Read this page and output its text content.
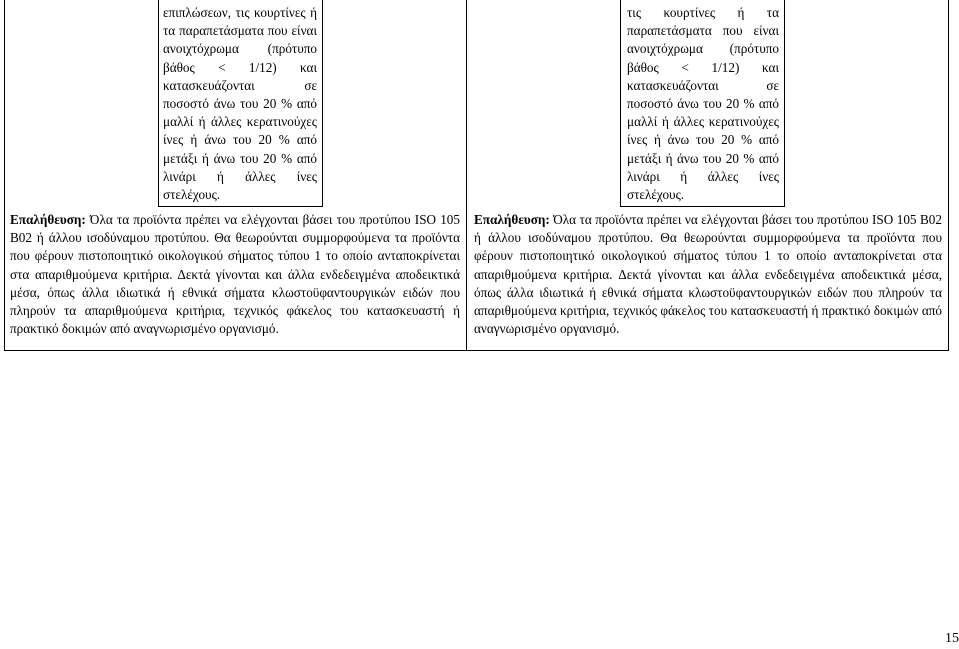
επιπλώσεων, τις κουρτίνες ή τα παραπετάσματα που είναι ανοιχτόχρωμα (πρότυπο βάθος < 1/12) και κατασκευάζονται σε ποσοστό άνω του 20 % από μαλλί ή άλλες κερατινούχες ίνες ή άνω του 20 % από μετάξι ή άνω του 20 % από λινάρι ή άλλες ίνες στελέχους.

Επαλήθευση: Όλα τα προϊόντα πρέπει να ελέγχονται βάσει του προτύπου ISO 105 B02 ή άλλου ισοδύναμου προτύπου. Θα θεωρούνται συμμορφούμενα τα προϊόντα που φέρουν πιστοποιητικό οικολογικού σήματος τύπου 1 το οποίο ανταποκρίνεται στα απαριθμούμενα κριτήρια. Δεκτά γίνονται και άλλα ενδεδειγμένα αποδεικτικά μέσα, όπως άλλα ιδιωτικά ή εθνικά σήματα κλωστοϋφαντουργικών ειδών που πληρούν τα απαριθμούμενα κριτήρια, τεχνικός φάκελος του κατασκευαστή ή πρακτικό δοκιμών από αναγνωρισμένο οργανισμό.

τις κουρτίνες ή τα παραπετάσματα που είναι ανοιχτόχρωμα (πρότυπο βάθος < 1/12) και κατασκευάζονται σε ποσοστό άνω του 20 % από μαλλί ή άλλες κερατινούχες ίνες ή άνω του 20 % από μετάξι ή άνω του 20 % από λινάρι ή άλλες ίνες στελέχους.

Επαλήθευση: Όλα τα προϊόντα πρέπει να ελέγχονται βάσει του προτύπου ISO 105 B02 ή άλλου ισοδύναμου προτύπου. Θα θεωρούνται συμμορφούμενα τα προϊόντα που φέρουν πιστοποιητικό οικολογικού σήματος τύπου 1 το οποίο ανταποκρίνεται στα απαριθμούμενα κριτήρια. Δεκτά γίνονται και άλλα ενδεδειγμένα αποδεικτικά μέσα, όπως άλλα ιδιωτικά ή εθνικά σήματα κλωστοϋφαντουργικών ειδών που πληρούν τα απαριθμούμενα κριτήρια, τεχνικός φάκελος του κατασκευαστή ή πρακτικό δοκιμών από αναγνωρισμένο οργανισμό.

15
